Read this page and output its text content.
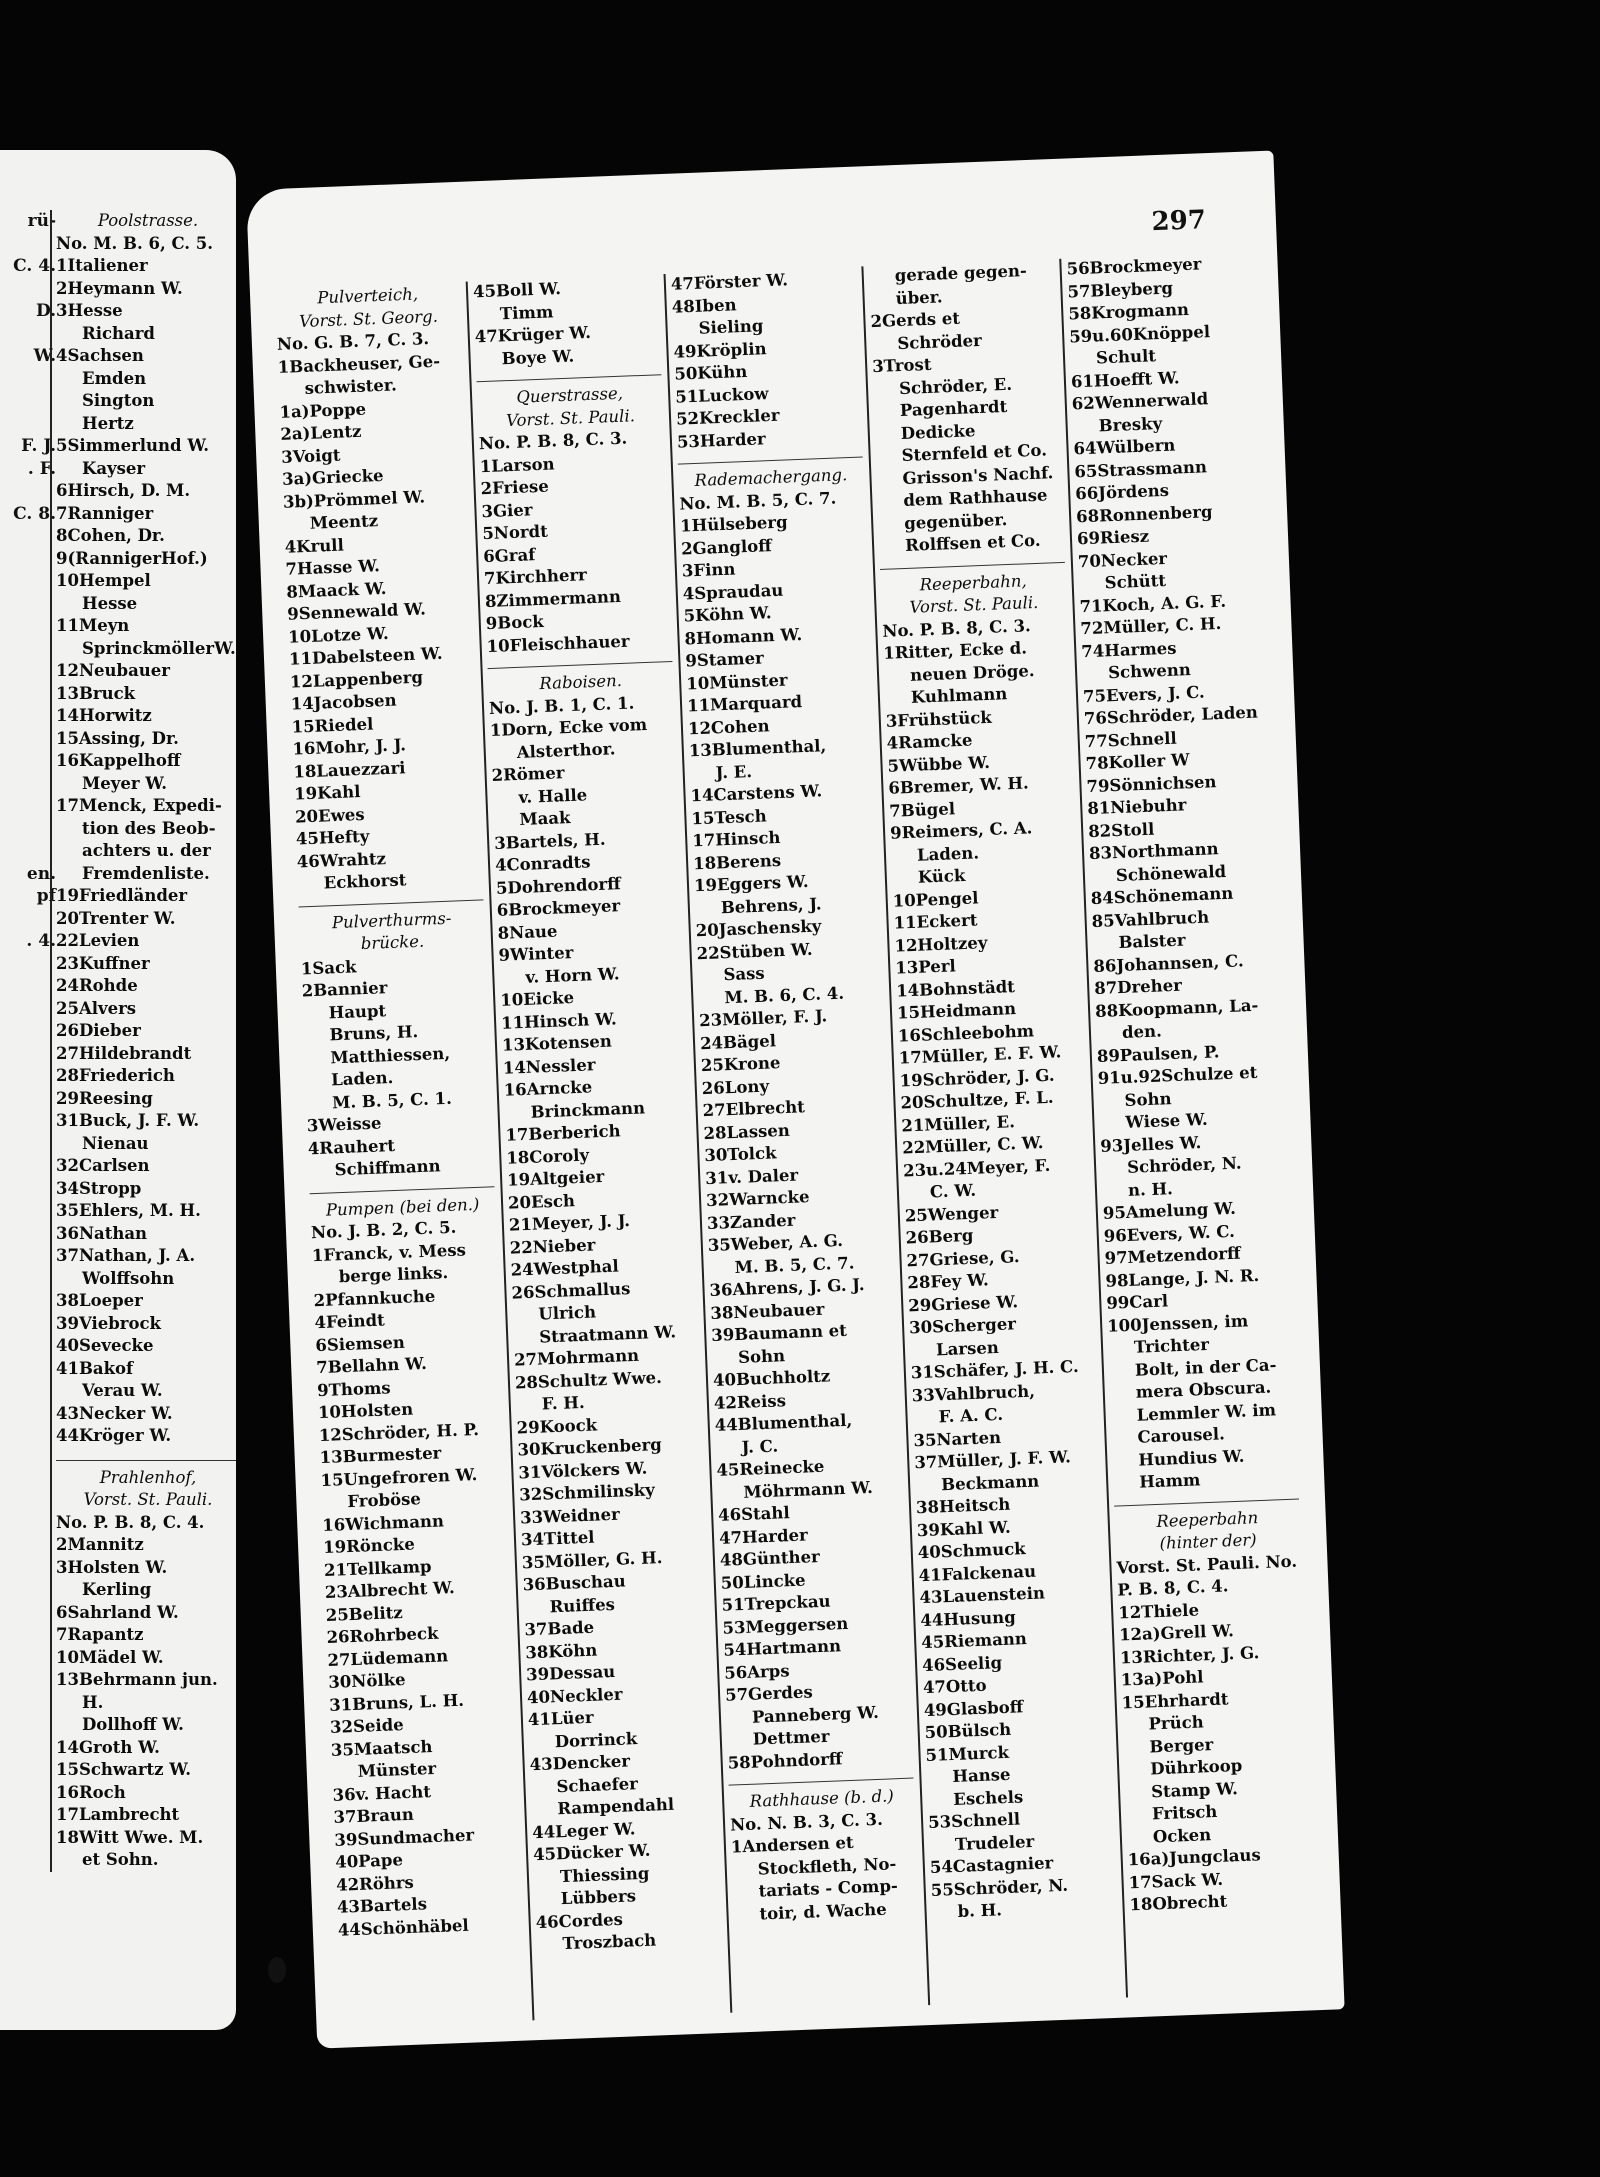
rü-
C. 4.
D.
W.
F. J.
. F.
C. 8.
en.
pf
. 4.
Poolstrasse.
No. M. B. 6, C. 5.
1Italiener
2Heymann W.
3Hesse
Richard
4Sachsen
Emden
Sington
Hertz
5Simmerlund W.
Kayser
6Hirsch, D. M.
7Ranniger
8Cohen, Dr.
9(RannigerHof.)
10Hempel
Hesse
11Meyn
SprinckmöllerW.
12Neubauer
13Bruck
14Horwitz
15Assing, Dr.
16Kappelhoff
Meyer W.
17Menck, Expedi-
tion des Beob-
achters u. der
Fremdenliste.
19Friedländer
20Trenter W.
22Levien
23Kuffner
24Rohde
25Alvers
26Dieber
27Hildebrandt
28Friederich
29Reesing
31Buck, J. F. W.
Nienau
32Carlsen
34Stropp
35Ehlers, M. H.
36Nathan
37Nathan, J. A.
Wolffsohn
38Loeper
39Viebrock
40Sevecke
41Bakof
Verau W.
43Necker W.
44Kröger W.
Prahlenhof,
Vorst. St. Pauli.
No. P. B. 8, C. 4.
2Mannitz
3Holsten W.
Kerling
6Sahrland W.
7Rapantz
10Mädel W.
13Behrmann jun.
H.
Dollhoff W.
14Groth W.
15Schwartz W.
16Roch
17Lambrecht
18Witt Wwe. M.
et Sohn.
297
Pulverteich,
Vorst. St. Georg.
No. G. B. 7, C. 3.
1Backheuser, Ge-
schwister.
1a)Poppe
2a)Lentz
3Voigt
3a)Griecke
3b)Prömmel W.
Meentz
4Krull
7Hasse W.
8Maack W.
9Sennewald W.
10Lotze W.
11Dabelsteen W.
12Lappenberg
14Jacobsen
15Riedel
16Mohr, J. J.
18Lauezzari
19Kahl
20Ewes
45Hefty
46Wrahtz
Eckhorst
Pulverthurms-
brücke.
1Sack
2Bannier
Haupt
Bruns, H.
Matthiessen,
Laden.
M. B. 5, C. 1.
3Weisse
4Rauhert
Schiffmann
Pumpen (bei den.)
No. J. B. 2, C. 5.
1Franck, v. Mess
berge links.
2Pfannkuche
4Feindt
6Siemsen
7Bellahn W.
9Thoms
10Holsten
12Schröder, H. P.
13Burmester
15Ungefroren W.
Froböse
16Wichmann
19Röncke
21Tellkamp
23Albrecht W.
25Belitz
26Rohrbeck
27Lüdemann
30Nölke
31Bruns, L. H.
32Seide
35Maatsch
Münster
36v. Hacht
37Braun
39Sundmacher
40Pape
42Röhrs
43Bartels
44Schönhäbel
45Boll W.
Timm
47Krüger W.
Boye W.
Querstrasse,
Vorst. St. Pauli.
No. P. B. 8, C. 3.
1Larson
2Friese
3Gier
5Nordt
6Graf
7Kirchherr
8Zimmermann
9Bock
10Fleischhauer
Raboisen.
No. J. B. 1, C. 1.
1Dorn, Ecke vom
Alsterthor.
2Römer
v. Halle
Maak
3Bartels, H.
4Conradts
5Dohrendorff
6Brockmeyer
8Naue
9Winter
v. Horn W.
10Eicke
11Hinsch W.
13Kotensen
14Nessler
16Arncke
Brinckmann
17Berberich
18Coroly
19Altgeier
20Esch
21Meyer, J. J.
22Nieber
24Westphal
26Schmallus
Ulrich
Straatmann W.
27Mohrmann
28Schultz Wwe.
F. H.
29Koock
30Kruckenberg
31Völckers W.
32Schmilinsky
33Weidner
34Tittel
35Möller, G. H.
36Buschau
Ruiffes
37Bade
38Köhn
39Dessau
40Neckler
41Lüer
Dorrinck
43Dencker
Schaefer
Rampendahl
44Leger W.
45Dücker W.
Thiessing
Lübbers
46Cordes
Troszbach
47Förster W.
48Iben
Sieling
49Kröplin
50Kühn
51Luckow
52Kreckler
53Harder
Rademachergang.
No. M. B. 5, C. 7.
1Hülseberg
2Gangloff
3Finn
4Spraudau
5Köhn W.
8Homann W.
9Stamer
10Münster
11Marquard
12Cohen
13Blumenthal,
J. E.
14Carstens W.
15Tesch
17Hinsch
18Berens
19Eggers W.
Behrens, J.
20Jaschensky
22Stüben W.
Sass
M. B. 6, C. 4.
23Möller, F. J.
24Bägel
25Krone
26Lony
27Elbrecht
28Lassen
30Tolck
31v. Daler
32Warncke
33Zander
35Weber, A. G.
M. B. 5, C. 7.
36Ahrens, J. G. J.
38Neubauer
39Baumann et
Sohn
40Buchholtz
42Reiss
44Blumenthal,
J. C.
45Reinecke
Möhrmann W.
46Stahl
47Harder
48Günther
50Lincke
51Trepckau
53Meggersen
54Hartmann
56Arps
57Gerdes
Panneberg W.
Dettmer
58Pohndorff
Rathhause (b. d.)
No. N. B. 3, C. 3.
1Andersen et
Stockfleth, No-
tariats - Comp-
toir, d. Wache
gerade gegen-
über.
2Gerds et
Schröder
3Trost
Schröder, E.
Pagenhardt
Dedicke
Sternfeld et Co.
Grisson's Nachf.
dem Rathhause
gegenüber.
Rolffsen et Co.
Reeperbahn,
Vorst. St. Pauli.
No. P. B. 8, C. 3.
1Ritter, Ecke d.
neuen Dröge.
Kuhlmann
3Frühstück
4Ramcke
5Wübbe W.
6Bremer, W. H.
7Bügel
9Reimers, C. A.
Laden.
Kück
10Pengel
11Eckert
12Holtzey
13Perl
14Bohnstädt
15Heidmann
16Schleebohm
17Müller, E. F. W.
19Schröder, J. G.
20Schultze, F. L.
21Müller, E.
22Müller, C. W.
23u.24Meyer, F.
C. W.
25Wenger
26Berg
27Griese, G.
28Fey W.
29Griese W.
30Scherger
Larsen
31Schäfer, J. H. C.
33Vahlbruch,
F. A. C.
35Narten
37Müller, J. F. W.
Beckmann
38Heitsch
39Kahl W.
40Schmuck
41Falckenau
43Lauenstein
44Husung
45Riemann
46Seelig
47Otto
49Glasboff
50Bülsch
51Murck
Hanse
Eschels
53Schnell
Trudeler
54Castagnier
55Schröder, N.
b. H.
56Brockmeyer
57Bleyberg
58Krogmann
59u.60Knöppel
Schult
61Hoefft W.
62Wennerwald
Bresky
64Wülbern
65Strassmann
66Jördens
68Ronnenberg
69Riesz
70Necker
Schütt
71Koch, A. G. F.
72Müller, C. H.
74Harmes
Schwenn
75Evers, J. C.
76Schröder, Laden
77Schnell
78Koller W
79Sönnichsen
81Niebuhr
82Stoll
83Northmann
Schönewald
84Schönemann
85Vahlbruch
Balster
86Johannsen, C.
87Dreher
88Koopmann, La-
den.
89Paulsen, P.
91u.92Schulze et
Sohn
Wiese W.
93Jelles W.
Schröder, N.
n. H.
95Amelung W.
96Evers, W. C.
97Metzendorff
98Lange, J. N. R.
99Carl
100Jenssen, im
Trichter
Bolt, in der Ca-
mera Obscura.
Lemmler W. im
Carousel.
Hundius W.
Hamm
Reeperbahn
(hinter der)
Vorst. St. Pauli. No. P. B. 8, C. 4.
12Thiele
12a)Grell W.
13Richter, J. G.
13a)Pohl
15Ehrhardt
Prüch
Berger
Dührkoop
Stamp W.
Fritsch
Ocken
16a)Jungclaus
17Sack W.
18Obrecht
